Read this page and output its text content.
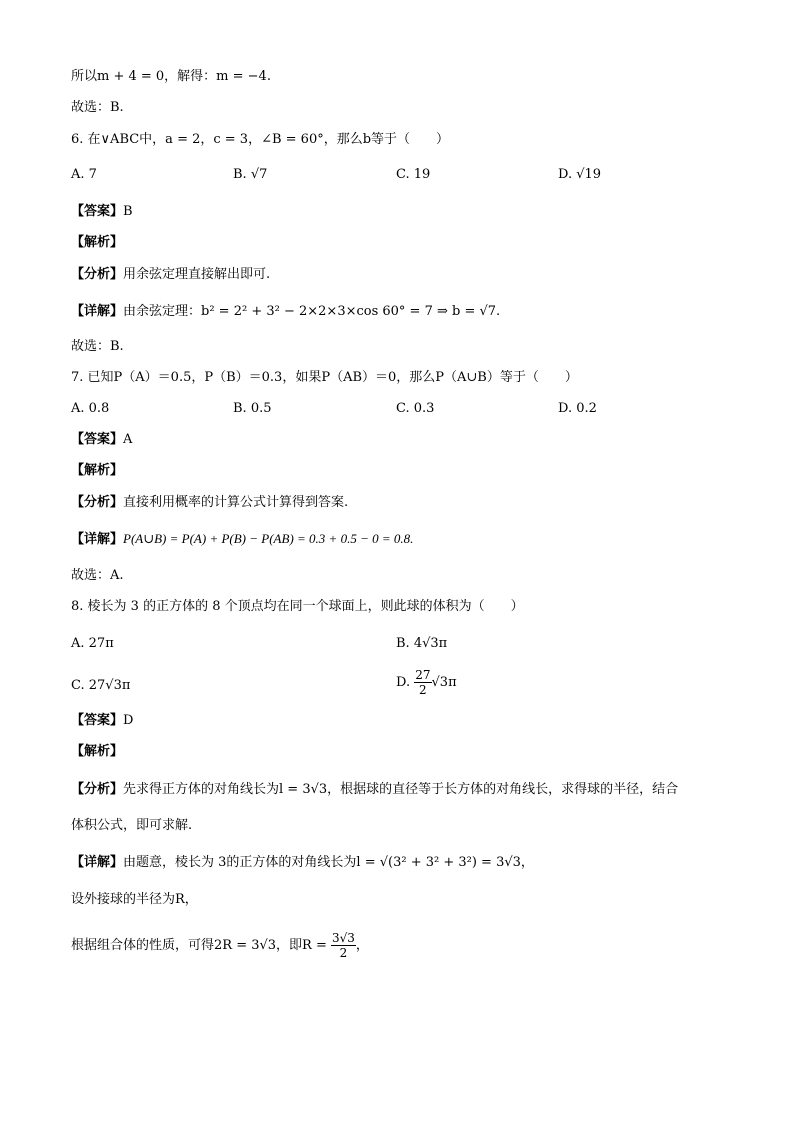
所以m + 4 = 0，解得：m = −4.
故选：B.
6. 在∨ABC中，a = 2，c = 3，∠B = 60°，那么b等于（　　）
A. 7	B. √7	C. 19	D. √19
【答案】B
【解析】
【分析】用余弦定理直接解出即可.
【详解】由余弦定理：b² = 2² + 3² − 2×2×3×cos 60° = 7 ⇒ b = √7.
故选：B.
7. 已知P（A）＝0.5，P（B）＝0.3，如果P（AB）＝0，那么P（A∪B）等于（　　）
A. 0.8	B. 0.5	C. 0.3	D. 0.2
【答案】A
【解析】
【分析】直接利用概率的计算公式计算得到答案.
【详解】P(A∪B) = P(A) + P(B) − P(AB) = 0.3 + 0.5 − 0 = 0.8.
故选：A.
8. 棱长为 3 的正方体的 8 个顶点均在同一个球面上，则此球的体积为（　　）
A. 27π	B. 4√3π
C. 27√3π	D. $\frac{27}{2} √3\pi$
【答案】D
【解析】
【分析】先求得正方体的对角线长为l = 3√3，根据球的直径等于长方体的对角线长，求得球的半径，结合
体积公式，即可求解.
【详解】由题意，棱长为 3的正方体的对角线长为l = √(3² + 3² + 3²) = 3√3，
设外接球的半径为R，
根据组合体的性质，可得2R = 3√3，即$R = \frac{3√3}{2}$ ，
